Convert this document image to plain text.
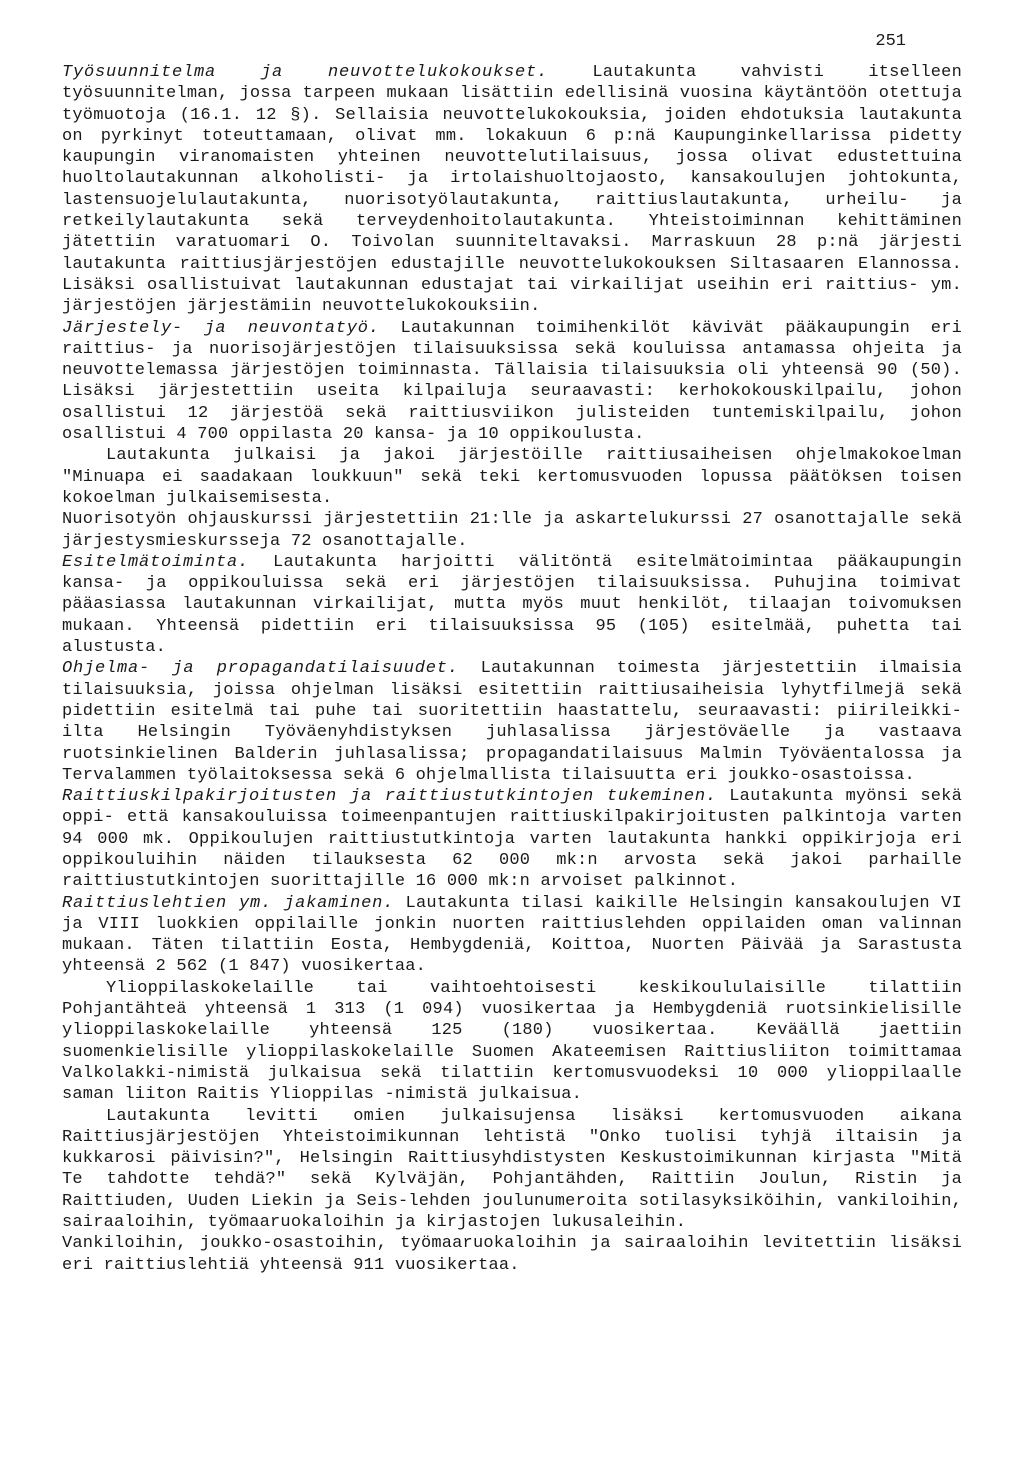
251

Työsuunnitelma ja neuvottelukokoukset.	Lautakunta vahvisti itselleen työsuunnitelman, jossa tarpeen mukaan lisättiin edellisinä vuosina käytäntöön otettuja työmuotoja (16.1. 12 §). Sellaisia neuvottelukokouksia, joiden ehdotuksia lautakunta on pyrkinyt toteuttamaan, olivat mm. lokakuun 6 p:nä Kaupunginkellarissa pidetty kaupungin viranomaisten yhteinen neuvottelutilaisuus, jossa olivat edustettuina huoltolautakunnan alkoholisti- ja irtolaishuoltojaosto, kansakoulujen johtokunta, lastensuojelulautakunta, nuorisotyölautakunta, raittiuslautakunta, urheilu- ja retkeilylautakunta sekä terveydenhoitolautakunta. Yhteistoiminnan kehittäminen jätettiin varatuomari O. Toivolan suunniteltavaksi. Marraskuun 28 p:nä järjesti lautakunta raittiusjärjestöjen edustajille neuvottelukokouksen Siltasaaren Elannossa. Lisäksi osallistuivat lautakunnan edustajat tai virkailijat useihin eri raittius- ym. järjestöjen järjestämiin neuvottelukokouksiin.

Järjestely- ja neuvontatyö. Lautakunnan toimihenkilöt kävivät pääkaupungin eri raittius- ja nuorisojärjestöjen tilaisuuksissa sekä kouluissa antamassa ohjeita ja neuvottelemassa järjestöjen toiminnasta. Tällaisia tilaisuuksia oli yhteensä 90 (50). Lisäksi järjestettiin useita kilpailuja seuraavasti: kerhokokouskilpailu, johon osallistui 12 järjestöä sekä raittiusviikon julisteiden tuntemiskilpailu, johon osallistui 4 700 oppilasta 20 kansa- ja 10 oppikoulusta.

Lautakunta julkaisi ja jakoi järjestöille raittiusaiheisen ohjelmakokoelman "Minuapa ei saadakaan loukkuun" sekä teki kertomusvuoden lopussa päätöksen toisen kokoelman julkaisemisesta.

Nuorisotyön ohjauskurssi järjestettiin 21:lle ja askartelukurssi 27 osanottajalle sekä järjestysmieskursseja 72 osanottajalle.

Esitelmätoiminta. Lautakunta harjoitti välitöntä esitelmätoimintaa pääkaupungin kansa- ja oppikouluissa sekä eri järjestöjen tilaisuuksissa. Puhujina toimivat pääasiassa lautakunnan virkailijat, mutta myös muut henkilöt, tilaajan toivomuksen mukaan. Yhteensä pidettiin eri tilaisuuksissa 95 (105) esitelmää, puhetta tai alustusta.

Ohjelma- ja propagandatilaisuudet. Lautakunnan toimesta järjestettiin ilmaisia tilaisuuksia, joissa ohjelman lisäksi esitettiin raittiusaiheisia lyhytfilmejä sekä pidettiin esitelmä tai puhe tai suoritettiin haastattelu, seuraavasti: piirileikki-ilta Helsingin Työväenyhdistyksen juhlasalissa järjestöväelle ja vastaava ruotsinkielinen Balderin juhlasalissa; propagandatilaisuus Malmin Työväentalossa ja Tervalammen työlaitoksessa sekä 6 ohjelmallista tilaisuutta eri joukko-osastoissa.

Raittiuskilpakirjoitusten ja raittiustutkintojen tukeminen. Lautakunta myönsi sekä oppi- että kansakouluissa toimeenpantujen raittiuskilpakirjoitusten palkintoja varten 94 000 mk. Oppikoulujen raittiustutkintoja varten lautakunta hankki oppikirjoja eri oppikouluihin näiden tilauksesta 62 000 mk:n arvosta sekä jakoi parhaille raittiustutkintojen suorittajille 16 000 mk:n arvoiset palkinnot.

Raittiuslehtien ym. jakaminen. Lautakunta tilasi kaikille Helsingin kansakoulujen VI ja VIII luokkien oppilaille jonkin nuorten raittiuslehden oppilaiden oman valinnan mukaan. Täten tilattiin Eosta, Hembygdeniä, Koittoa, Nuorten Päivää ja Sarastusta yhteensä 2 562 (1 847) vuosikertaa.

Ylioppilaskokelaille tai vaihtoehtoisesti keskikoululaisille tilattiin Pohjantähteä yhteensä 1 313 (1 094) vuosikertaa ja Hembygdeniä ruotsinkielisille ylioppilaskokelaille yhteensä 125 (180) vuosikertaa. Keväällä jaettiin suomenkielisille ylioppilaskokelaille Suomen Akateemisen Raittiusliiton toimittamaa Valkolakki-nimistä julkaisua sekä tilattiin kertomusvuodeksi 10 000 ylioppilaalle saman liiton Raitis Ylioppilas -nimistä julkaisua.

Lautakunta levitti omien julkaisujensa lisäksi kertomusvuoden aikana Raittiusjärjestöjen Yhteistoimikunnan lehtistä "Onko tuolisi tyhjä iltaisin ja kukkarosi päivisin?", Helsingin Raittiusyhdistysten Keskustoimikunnan kirjasta "Mitä Te tahdotte tehdä?" sekä Kylväjän, Pohjantähden, Raittiin Joulun, Ristin ja Raittiuden, Uuden Liekin ja Seis-lehden joulunumeroita sotilasyksiköihin, vankiloihin, sairaaloihin, työmaaruokaloihin ja kirjastojen lukusaleihin.

Vankiloihin, joukko-osastoihin, työmaaruokaloihin ja sairaaloihin levitettiin lisäksi eri raittiuslehtiä yhteensä 911 vuosikertaa.
